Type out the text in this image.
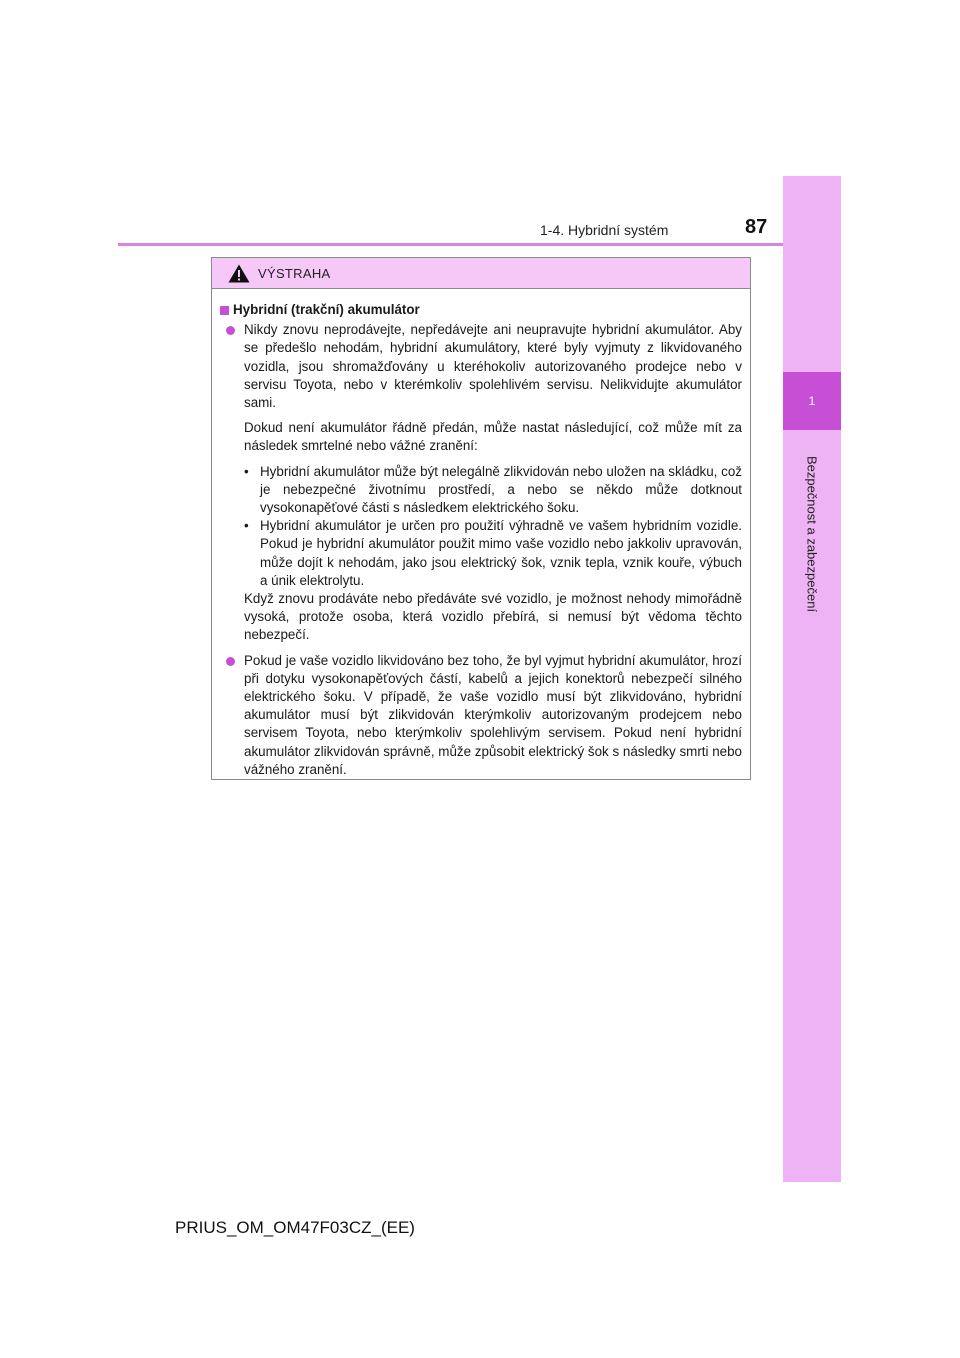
1
Bezpečnost a zabezpečení
1-4. Hybridní systém	87
VÝSTRAHA
Hybridní (trakční) akumulátor
Nikdy znovu neprodávejte, nepředávejte ani neupravujte hybridní akumulátor. Aby se předešlo nehodám, hybridní akumulátory, které byly vyjmuty z likvidovaného vozidla, jsou shromažďovány u kteréhokoliv autorizovaného prodejce nebo v servisu Toyota, nebo v kterémkoliv spolehlivém servisu. Nelikvidujte akumulátor sami.
Dokud není akumulátor řádně předán, může nastat následující, což může mít za následek smrtelné nebo vážné zranění:
• Hybridní akumulátor může být nelegálně zlikvidován nebo uložen na skládku, což je nebezpečné životnímu prostředí, a nebo se někdo může dotknout vysokonapěťové části s následkem elektrického šoku.
• Hybridní akumulátor je určen pro použití výhradně ve vašem hybridním vozidle. Pokud je hybridní akumulátor použit mimo vaše vozidlo nebo jakkoliv upravován, může dojít k nehodám, jako jsou elektrický šok, vznik tepla, vznik kouře, výbuch a únik elektrolytu.
Když znovu prodáváte nebo předáváte své vozidlo, je možnost nehody mimořádně vysoká, protože osoba, která vozidlo přebírá, si nemusí být vědoma těchto nebezpečí.
Pokud je vaše vozidlo likvidováno bez toho, že byl vyjmut hybridní akumulátor, hrozí při dotyku vysokonapěťových částí, kabelů a jejich konektorů nebezpečí silného elektrického šoku. V případě, že vaše vozidlo musí být zlikvidováno, hybridní akumulátor musí být zlikvidován kterýmkoliv autorizovaným prodejcem nebo servisem Toyota, nebo kterýmkoliv spolehlivým servisem. Pokud není hybridní akumulátor zlikvidován správně, může způsobit elektrický šok s následky smrti nebo vážného zranění.
PRIUS_OM_OM47F03CZ_(EE)
